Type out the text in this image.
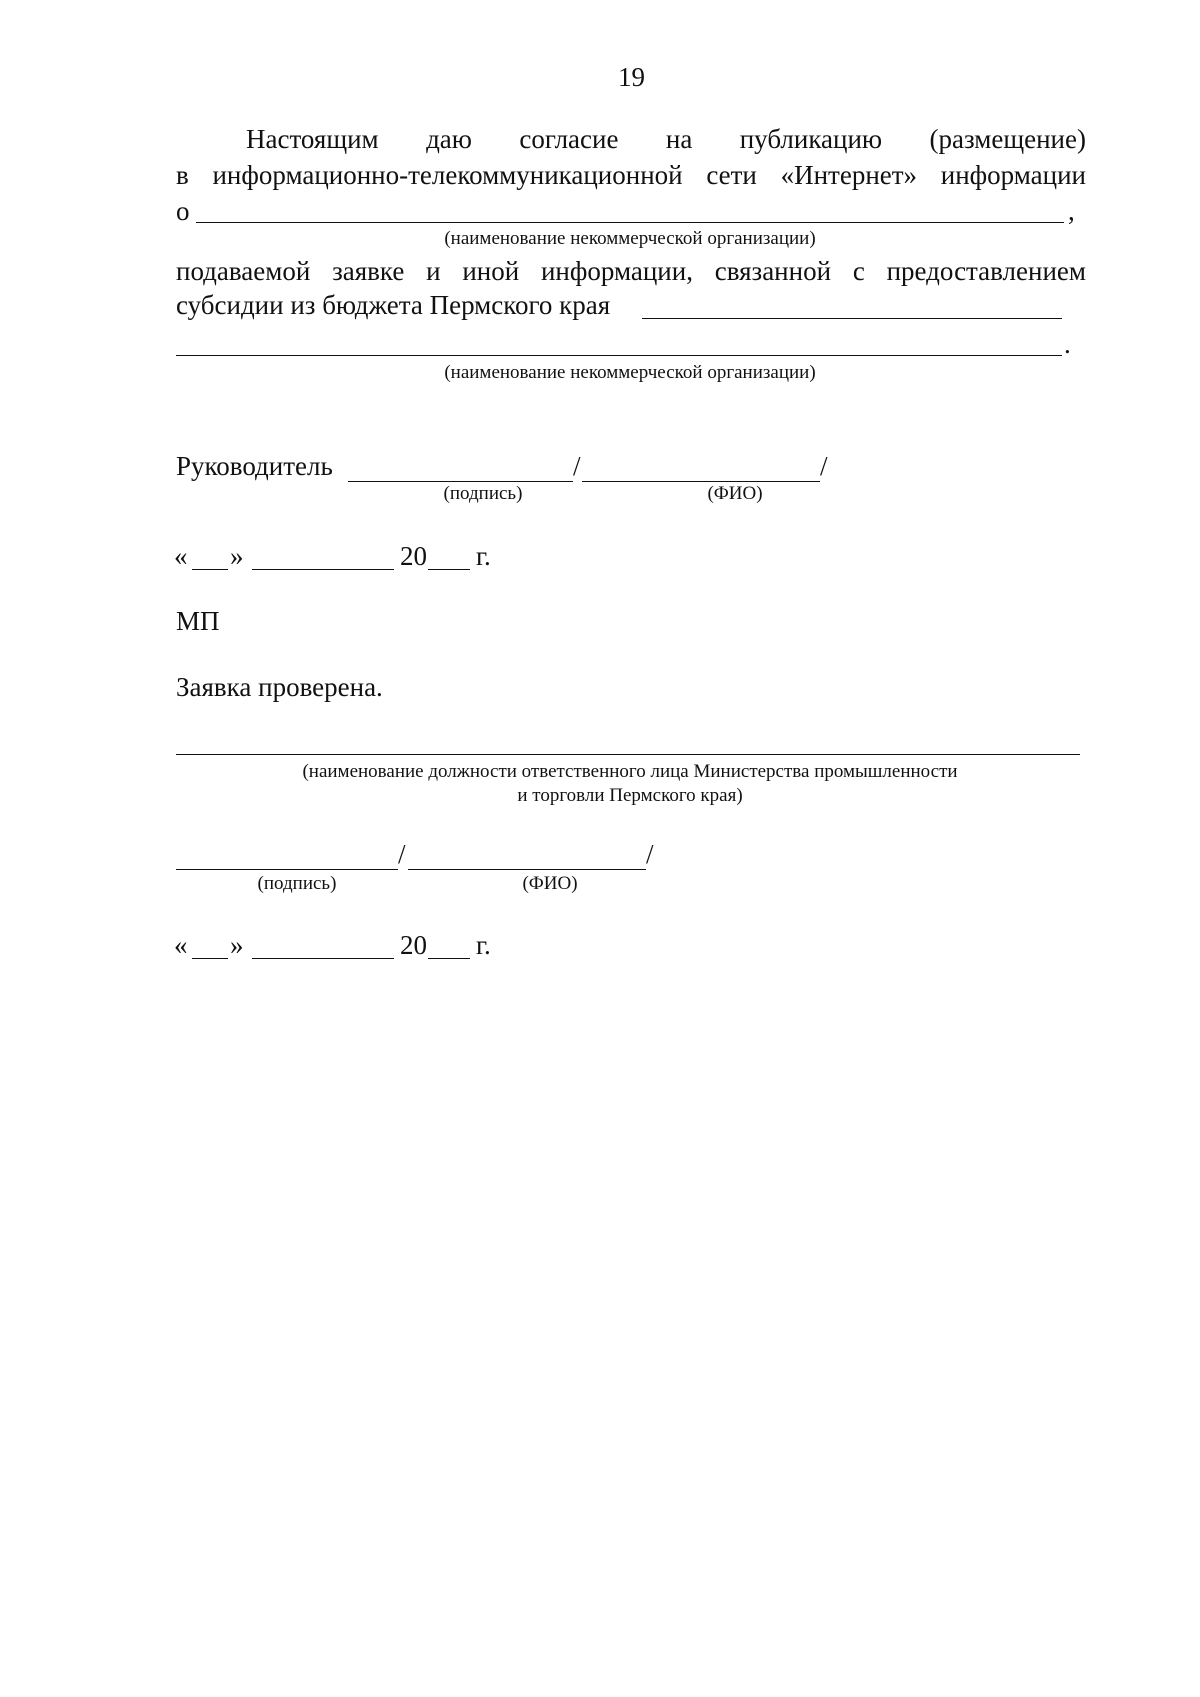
19
Настоящим даю согласие на публикацию (размещение)
в информационно-телекоммуникационной сети «Интернет» информации
о	,
(наименование некоммерческой организации)
подаваемой заявке и иной информации, связанной с предоставлением
субсидии из бюджета Пермского края
.
(наименование некоммерческой организации)
Руководитель	/	/
(подпись)	(ФИО)
« »	20 г.
МП
Заявка проверена.
(наименование должности ответственного лица Министерства промышленности
и торговли Пермского края)
/	/
(подпись)	(ФИО)
« »	20 г.
